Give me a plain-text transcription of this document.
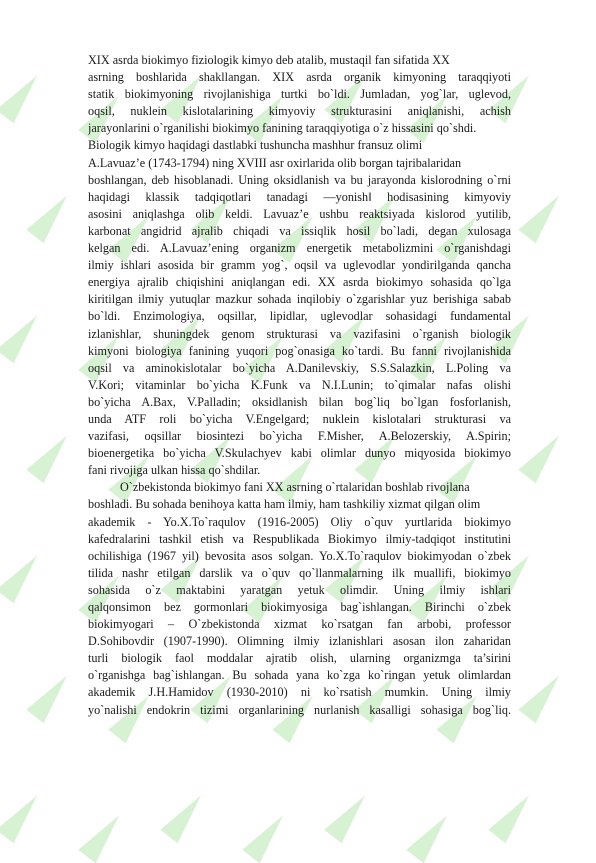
XIX asrda biokimyo fiziologik kimyo deb atalib, mustaqil fan sifatida XX
asrning boshlarida shakllangan. XIX asrda organik kimyoning taraqqiyoti
statik biokimyoning rivojlanishiga turtki bo`ldi. Jumladan, yog`lar, uglevod,
oqsil, nuklein kislotalarining kimyoviy strukturasini aniqlanishi, achish
jarayonlarini o`rganilishi biokimyo fanining taraqqiyotiga o`z hissasini qo`shdi.
Biologik kimyo haqidagi dastlabki tushuncha mashhur fransuz olimi
A.Lavuaz’e (1743-1794) ning XVIII asr oxirlarida olib borgan tajribalaridan
boshlangan, deb hisoblanadi. Uning oksidlanish va bu jarayonda kislorodning o`rni
haqidagi klassik tadqiqotlari tanadagi ―yonish‖ hodisasining kimyoviy
asosini aniqlashga olib keldi. Lavuaz’e ushbu reaktsiyada kislorod yutilib,
karbonat angidrid ajralib chiqadi va issiqlik hosil bo`ladi, degan xulosaga
kelgan edi. A.Lavuaz’ening organizm energetik metabolizmini o`rganishdagi
ilmiy ishlari asosida bir gramm yog`, oqsil va uglevodlar yondirilganda qancha
energiya ajralib chiqishini aniqlangan edi. XX asrda biokimyo sohasida qo`lga
kiritilgan ilmiy yutuqlar mazkur sohada inqilobiy o`zgarishlar yuz berishiga sabab
bo`ldi. Enzimologiya, oqsillar, lipidlar, uglevodlar sohasidagi fundamental
izlanishlar, shuningdek genom strukturasi va vazifasini o`rganish biologik
kimyoni biologiya fanining yuqori pog`onasiga ko`tardi. Bu fanni rivojlanishida
oqsil va aminokislotalar bo`yicha A.Danilevskiy, S.S.Salazkin, L.Poling va
V.Kori; vitaminlar bo`yicha K.Funk va N.I.Lunin; to`qimalar nafas olishi
bo`yicha A.Bax, V.Palladin; oksidlanish bilan bog`liq bo`lgan fosforlanish,
unda ATF roli bo`yicha V.Engelgard; nuklein kislotalari strukturasi va
vazifasi, oqsillar biosintezi bo`yicha F.Misher, A.Belozerskiy, A.Spirin;
bioenergetika bo`yicha V.Skulachyev kabi olimlar dunyo miqyosida biokimyo
fani rivojiga ulkan hissa qo`shdilar.
O`zbekistonda biokimyo fani XX asrning o`rtalaridan boshlab rivojlana
boshladi. Bu sohada benihoya katta ham ilmiy, ham tashkiliy xizmat qilgan olim
akademik - Yo.X.To`raqulov (1916-2005) Oliy o`quv yurtlarida biokimyo
kafedralarini tashkil etish va Respublikada Biokimyo ilmiy-tadqiqot institutini
ochilishiga (1967 yil) bevosita asos solgan. Yo.X.To`raqulov biokimyodan o`zbek
tilida nashr etilgan darslik va o`quv qo`llanmalarning ilk muallifi, biokimyo
sohasida o`z maktabini yaratgan yetuk olimdir. Uning ilmiy ishlari
qalqonsimon bez gormonlari biokimyosiga bag`ishlangan. Birinchi o`zbek
biokimyogari – O`zbekistonda xizmat ko`rsatgan fan arbobi, professor
D.Sohibovdir (1907-1990). Olimning ilmiy izlanishlari asosan ilon zaharidan
turli biologik faol moddalar ajratib olish, ularning organizmga ta’sirini
o`rganishga bag`ishlangan. Bu sohada yana ko`zga ko`ringan yetuk olimlardan
akademik J.H.Hamidov (1930-2010) ni ko`rsatish mumkin. Uning ilmiy
yo`nalishi endokrin tizimi organlarining nurlanish kasalligi sohasiga bog`liq.
